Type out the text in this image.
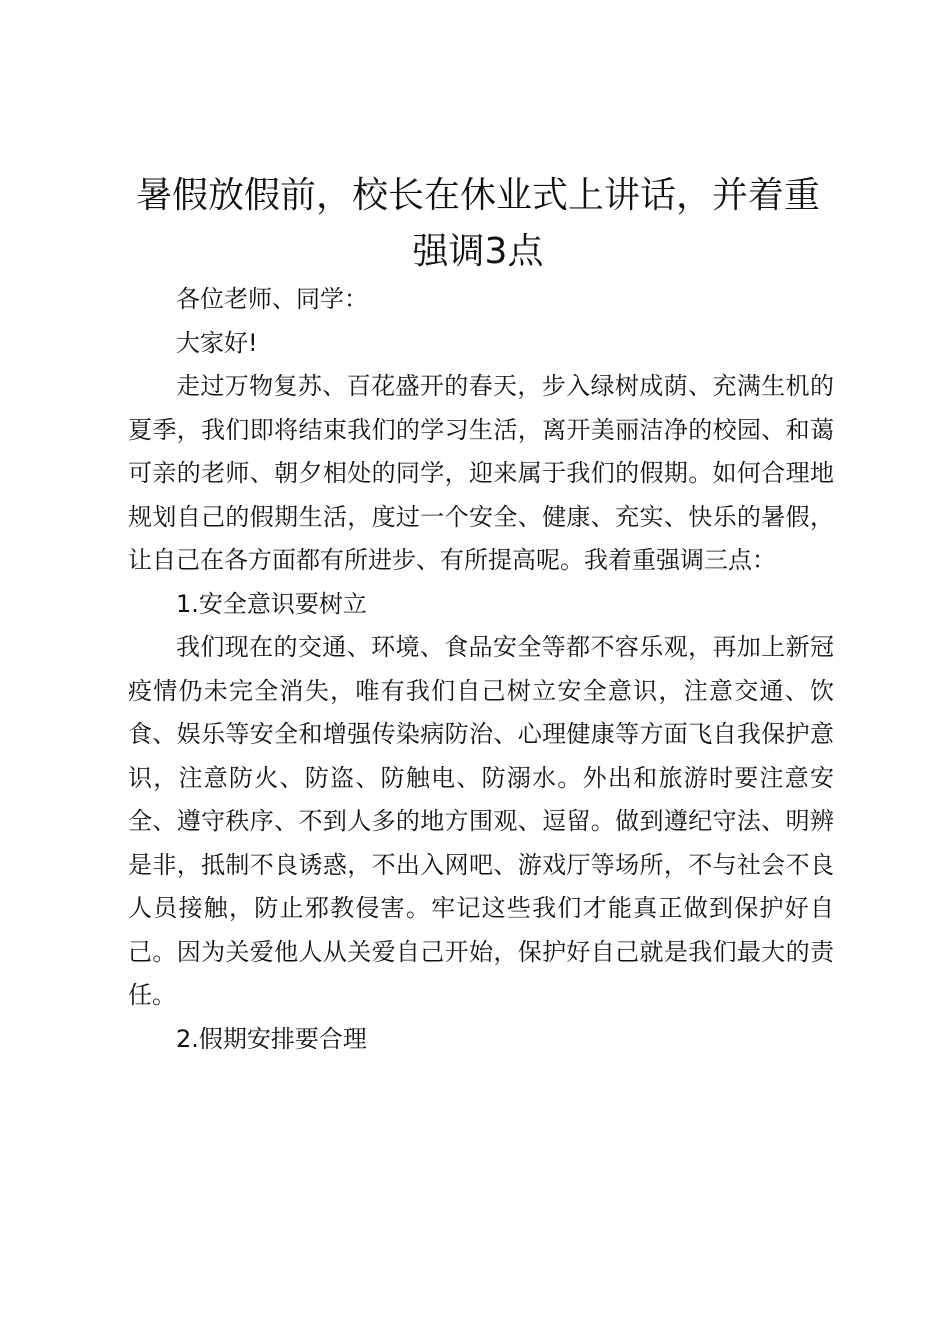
暑假放假前，校长在休业式上讲话，并着重强调3点

各位老师、同学：

大家好!

走过万物复苏、百花盛开的春天，步入绿树成荫、充满生机的夏季，我们即将结束我们的学习生活，离开美丽洁净的校园、和蔼可亲的老师、朝夕相处的同学，迎来属于我们的假期。如何合理地规划自己的假期生活，度过一个安全、健康、充实、快乐的暑假，让自己在各方面都有所进步、有所提高呢。我着重强调三点：

1.安全意识要树立

我们现在的交通、环境、食品安全等都不容乐观，再加上新冠疫情仍未完全消失，唯有我们自己树立安全意识，注意交通、饮食、娱乐等安全和增强传染病防治、心理健康等方面飞自我保护意识，注意防火、防盗、防触电、防溺水。外出和旅游时要注意安全、遵守秩序、不到人多的地方围观、逗留。做到遵纪守法、明辨是非，抵制不良诱惑，不出入网吧、游戏厅等场所，不与社会不良人员接触，防止邪教侵害。牢记这些我们才能真正做到保护好自己。因为关爱他人从关爱自己开始，保护好自己就是我们最大的责任。

2.假期安排要合理
